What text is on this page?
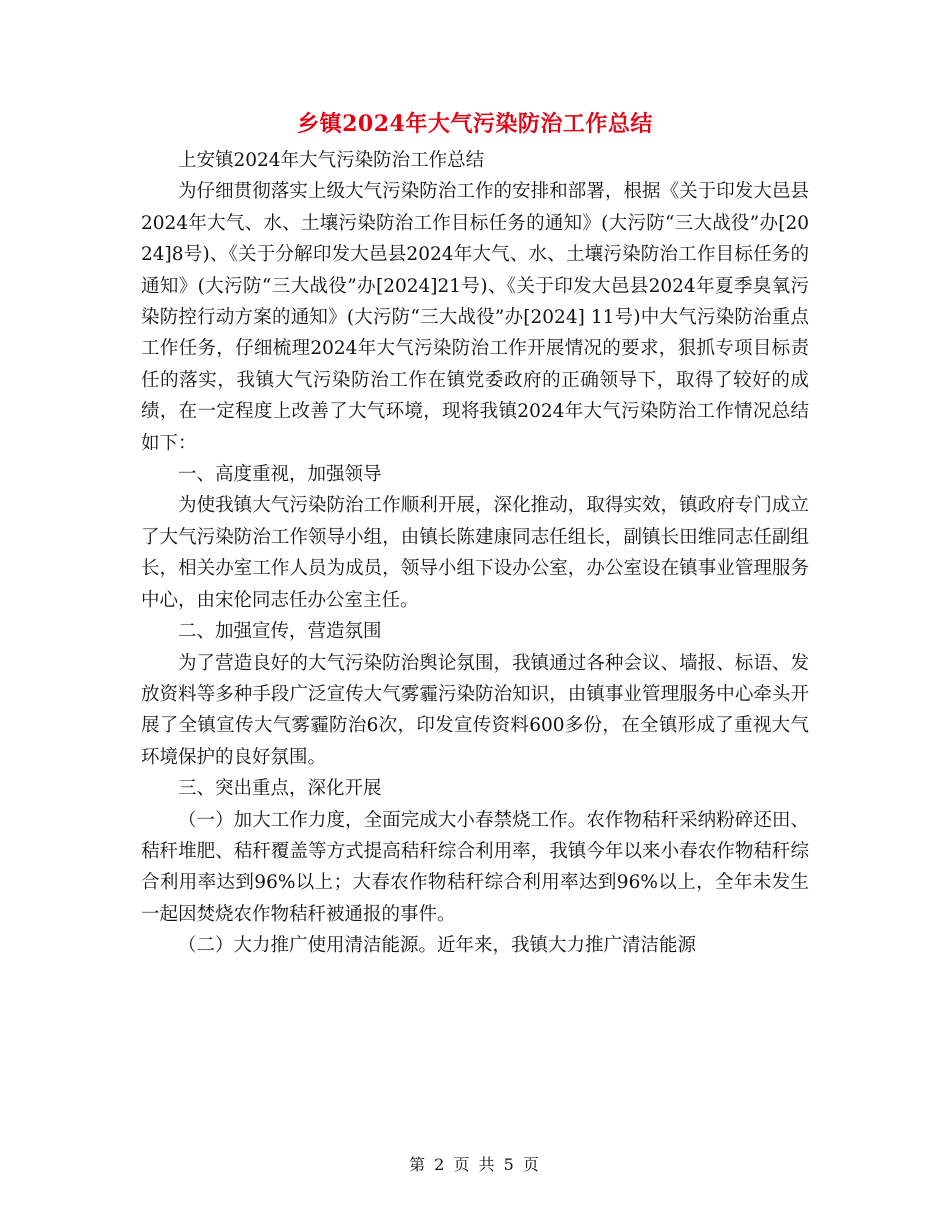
乡镇2024年大气污染防治工作总结

上安镇2024年大气污染防治工作总结

为仔细贯彻落实上级大气污染防治工作的安排和部署，根据《关于印发大邑县2024年大气、水、土壤污染防治工作目标任务的通知》(大污防“三大战役”办[2024]8号)、《关于分解印发大邑县2024年大气、水、土壤污染防治工作目标任务的通知》(大污防“三大战役”办[2024]21号)、《关于印发大邑县2024年夏季臭氧污染防控行动方案的通知》(大污防“三大战役”办[2024] 11号)中大气污染防治重点工作任务，仔细梳理2024年大气污染防治工作开展情况的要求，狠抓专项目标责任的落实，我镇大气污染防治工作在镇党委政府的正确领导下，取得了较好的成绩，在一定程度上改善了大气环境，现将我镇2024年大气污染防治工作情况总结如下：

一、高度重视，加强领导

为使我镇大气污染防治工作顺利开展，深化推动，取得实效，镇政府专门成立了大气污染防治工作领导小组，由镇长陈建康同志任组长，副镇长田维同志任副组长，相关办室工作人员为成员，领导小组下设办公室，办公室设在镇事业管理服务中心，由宋伦同志任办公室主任。

二、加强宣传，营造氛围

为了营造良好的大气污染防治舆论氛围，我镇通过各种会议、墙报、标语、发放资料等多种手段广泛宣传大气雾霾污染防治知识，由镇事业管理服务中心牵头开展了全镇宣传大气雾霾防治6次，印发宣传资料600多份，在全镇形成了重视大气环境保护的良好氛围。

三、突出重点，深化开展

（一）加大工作力度，全面完成大小春禁烧工作。农作物秸秆采纳粉碎还田、秸秆堆肥、秸秆覆盖等方式提高秸秆综合利用率，我镇今年以来小春农作物秸秆综合利用率达到96%以上；大春农作物秸秆综合利用率达到96%以上，全年未发生一起因焚烧农作物秸秆被通报的事件。

（二）大力推广使用清洁能源。近年来，我镇大力推广清洁能源

第 2 页 共 5 页
